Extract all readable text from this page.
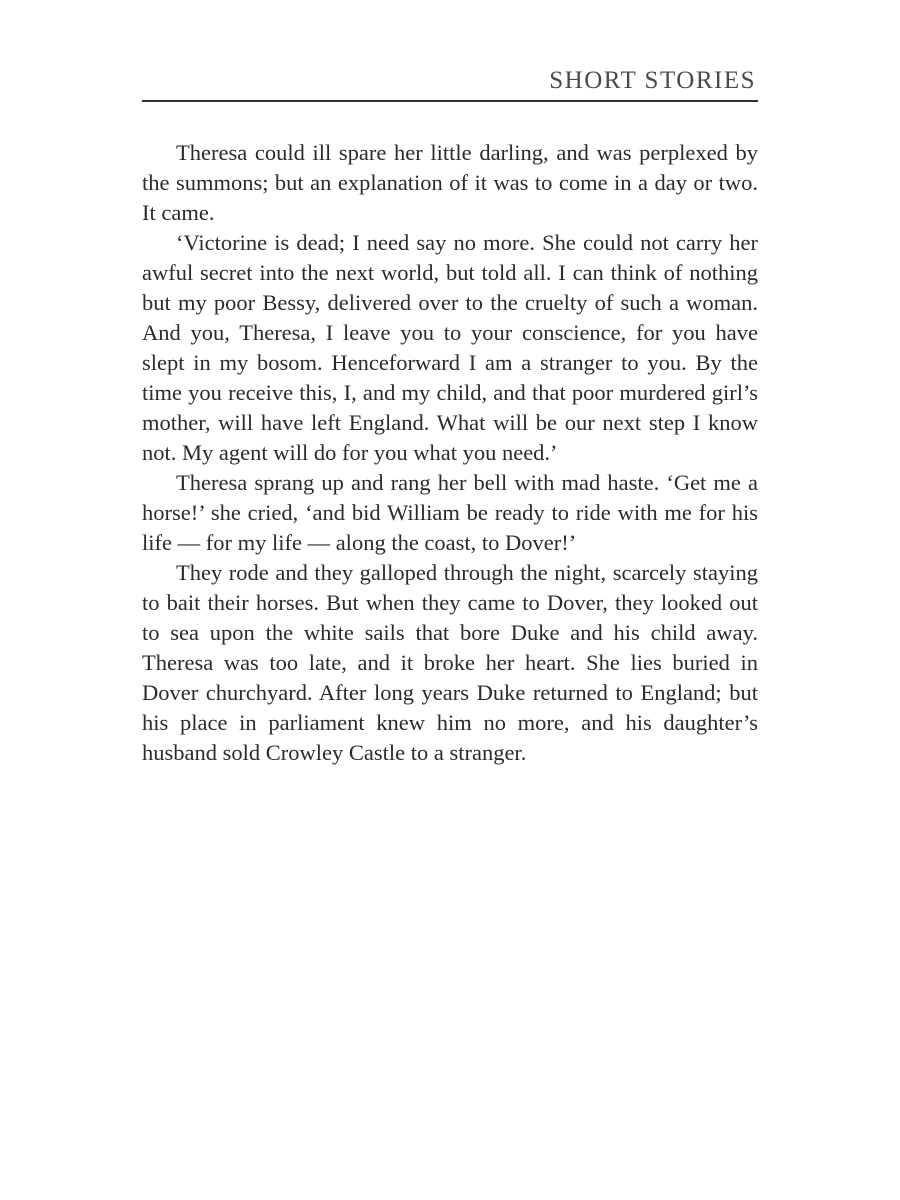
SHORT STORIES

Theresa could ill spare her little darling, and was perplexed by the summons; but an explanation of it was to come in a day or two. It came.

‘Victorine is dead; I need say no more. She could not carry her awful secret into the next world, but told all. I can think of nothing but my poor Bessy, delivered over to the cruelty of such a woman. And you, Theresa, I leave you to your conscience, for you have slept in my bosom. Henceforward I am a stranger to you. By the time you receive this, I, and my child, and that poor murdered girl’s mother, will have left England. What will be our next step I know not. My agent will do for you what you need.’

Theresa sprang up and rang her bell with mad haste. ‘Get me a horse!’ she cried, ‘and bid William be ready to ride with me for his life — for my life — along the coast, to Dover!’

They rode and they galloped through the night, scarcely staying to bait their horses. But when they came to Dover, they looked out to sea upon the white sails that bore Duke and his child away. Theresa was too late, and it broke her heart. She lies buried in Dover churchyard. After long years Duke returned to England; but his place in parliament knew him no more, and his daughter’s husband sold Crowley Castle to a stranger.
